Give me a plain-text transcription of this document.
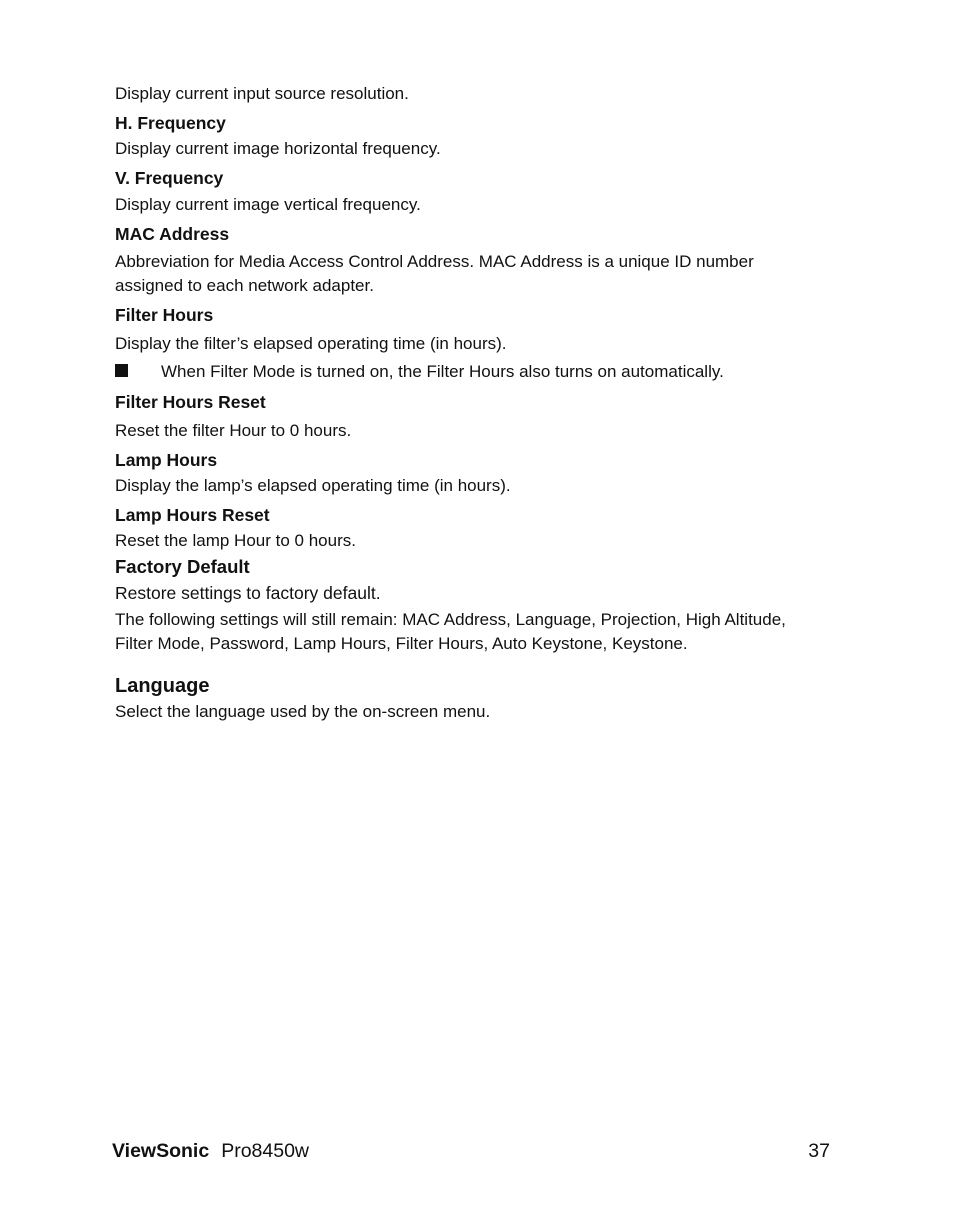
Display current input source resolution.

H. Frequency

Display current image horizontal frequency.

V. Frequency

Display current image vertical frequency.

MAC Address

Abbreviation for Media Access Control Address. MAC Address is a unique ID number

assigned to each network adapter.

Filter Hours

Display the filter’s elapsed operating time (in hours).

When Filter Mode is turned on, the Filter Hours also turns on automatically.

Filter Hours Reset

Reset the filter Hour to 0 hours.

Lamp Hours

Display the lamp’s elapsed operating time (in hours).

Lamp Hours Reset

Reset the lamp Hour to 0 hours.

Factory Default

Restore settings to factory default.

The following settings will still remain: MAC Address, Language, Projection, High Altitude,

Filter Mode, Password, Lamp Hours, Filter Hours, Auto Keystone, Keystone.

Language

Select the language used by the on-screen menu.

ViewSonic Pro8450w	37
